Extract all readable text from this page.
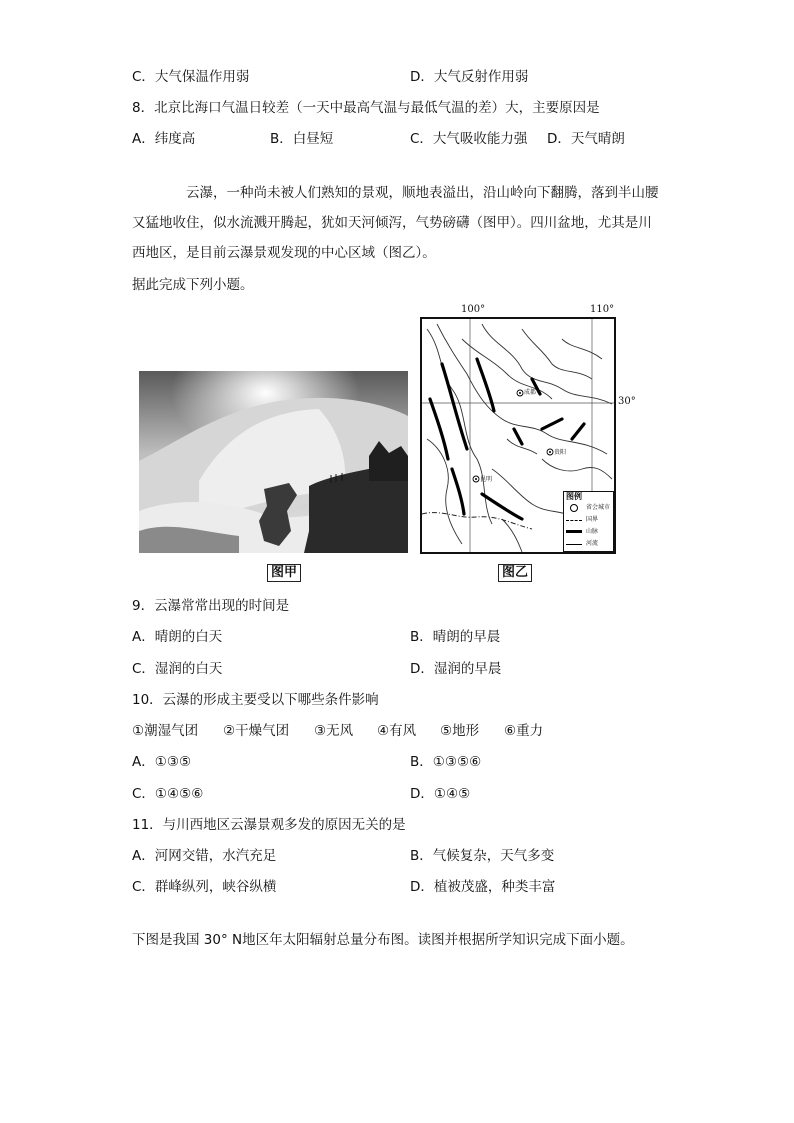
C．大气保温作用弱	D．大气反射作用弱
8．北京比海口气温日较差（一天中最高气温与最低气温的差）大，主要原因是
A．纬度高	B．白昼短	C．大气吸收能力强 D．天气晴朗
云瀑，一种尚未被人们熟知的景观，顺地表溢出，沿山岭向下翻腾，落到半山腰又猛地收住，似水流溅开腾起，犹如天河倾泻，气势磅礴（图甲）。四川盆地，尤其是川西地区，是目前云瀑景观发现的中心区域（图乙）。
据此完成下列小题。
图甲
100°	110°
30°
成都
贵阳
昆明
图例
省会城市
国界
山脉
河流
图乙
9．云瀑常常出现的时间是
A．晴朗的白天	B．晴朗的早晨
C．湿润的白天	D．湿润的早晨
10．云瀑的形成主要受以下哪些条件影响
①潮湿气团 ②干燥气团 ③无风 ④有风 ⑤地形 ⑥重力
A．①③⑤	B．①③⑤⑥
C．①④⑤⑥	D．①④⑤
11．与川西地区云瀑景观多发的原因无关的是
A．河网交错，水汽充足	B．气候复杂，天气多变
C．群峰纵列，峡谷纵横	D．植被茂盛，种类丰富
下图是我国 30° N地区年太阳辐射总量分布图。读图并根据所学知识完成下面小题。
